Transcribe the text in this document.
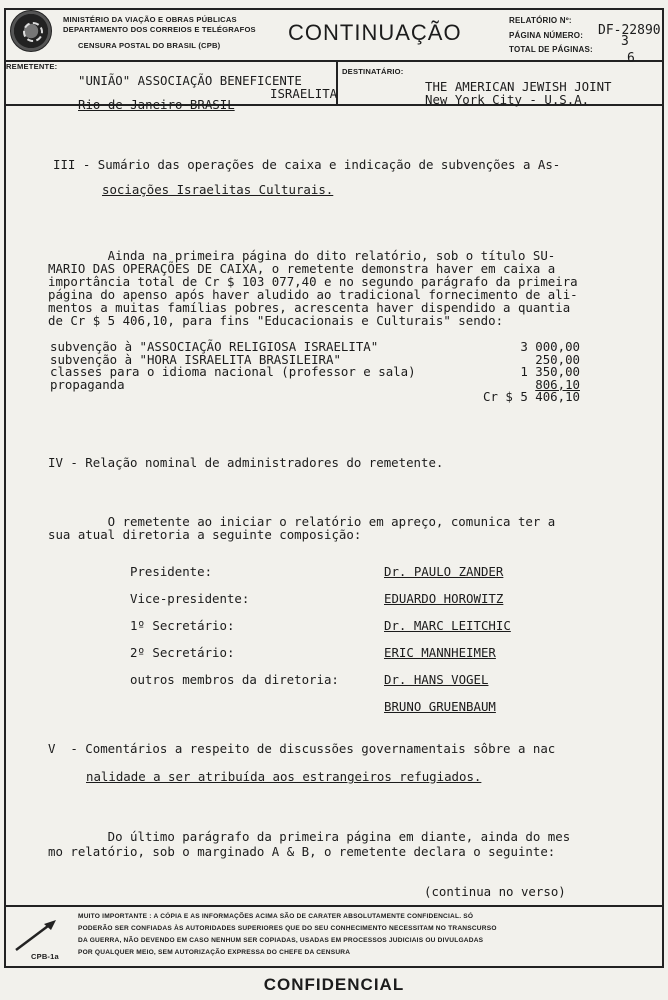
MINISTÉRIO DA VIAÇÃO E OBRAS PÚBLICAS
DEPARTAMENTO DOS CORREIOS E TELÉGRAFOS
CENSURA POSTAL DO BRASIL (CPB)
CONTINUAÇÃO	RELATÓRIO Nº:
DF-22890
PÁGINA NÚMERO:	3
TOTAL DE PÁGINAS:
6
REMETENTE:
"UNIÃO" ASSOCIAÇÃO BENEFICENTE
ISRAELITA
Rio de Janeiro-BRASIL
DESTINATÁRIO:
THE AMERICAN JEWISH JOINT
New York City - U.S.A.
III - Sumário das operações de caixa e indicação de subvenções a As-
sociações Israelitas Culturais.
Ainda na primeira página do dito relatório, sob o título SU-
MARIO DAS OPERAÇÕES DE CAIXA, o remetente demonstra haver em caixa a
importância total de Cr $ 103 077,40 e no segundo parágrafo da primeira
página do apenso após haver aludido ao tradicional fornecimento de ali-
mentos a muitas famílias pobres, acrescenta haver dispendido a quantia
de Cr $ 5 406,10, para fins "Educacionais e Culturais" sendo:
subvenção à "ASSOCIAÇÃO RELIGIOSA ISRAELITA"	3 000,00
subvenção à "HORA ISRAELITA BRASILEIRA"	250,00
classes para o idioma nacional (professor e sala)	1 350,00
propaganda	806,10
Cr $ 5 406,10
IV - Relação nominal de administradores do remetente.
O remetente ao iniciar o relatório em apreço, comunica ter a
sua atual diretoria a seguinte composição:
Presidente:	Dr. PAULO ZANDER
Vice-presidente:	EDUARDO HOROWITZ
1º Secretário:	Dr. MARC LEITCHIC
2º Secretário:	ERIC MANNHEIMER
outros membros da diretoria:	Dr. HANS VOGEL
BRUNO GRUENBAUM
V  - Comentários a respeito de discussões governamentais sôbre a nac
nalidade a ser atribuída aos estrangeiros refugiados.
Do último parágrafo da primeira página em diante, ainda do mes
mo relatório, sob o marginado A & B, o remetente declara o seguinte:
(continua no verso)
CPB-1a
MUITO IMPORTANTE : A CÓPIA E AS INFORMAÇÕES ACIMA SÃO DE CARATER ABSOLUTAMENTE CONFIDENCIAL. SÓ
PODERÃO SER CONFIADAS ÀS AUTORIDADES SUPERIORES QUE DO SEU CONHECIMENTO NECESSITAM NO TRANSCURSO
DA GUERRA, NÃO DEVENDO EM CASO NENHUM SER COPIADAS, USADAS EM PROCESSOS JUDICIAIS OU DIVULGADAS
POR QUALQUER MEIO, SEM AUTORIZAÇÃO EXPRESSA DO CHEFE DA CENSURA
CONFIDENCIAL
